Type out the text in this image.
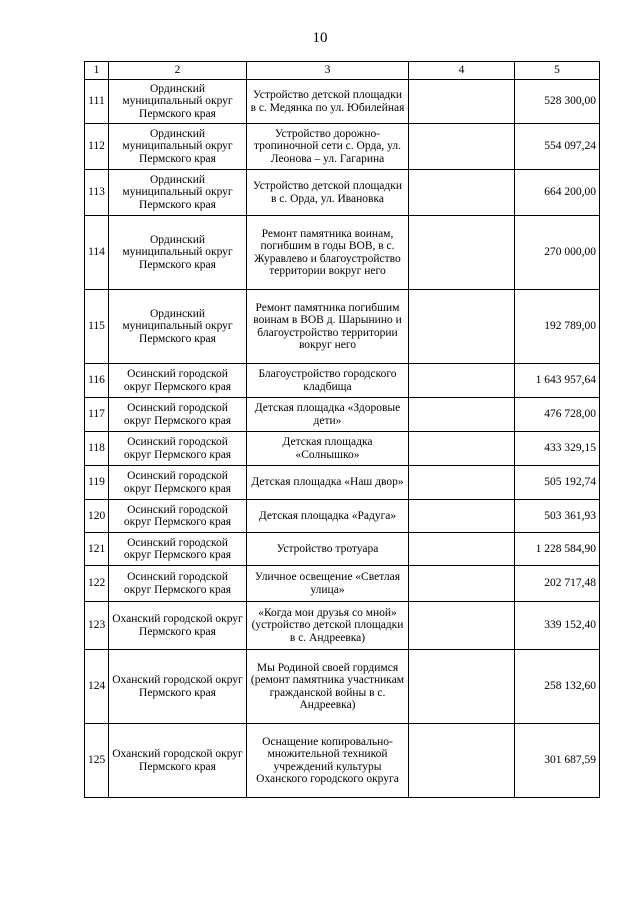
10
1	2	3	4	5
111	Ординский муниципальный округ Пермского края	Устройство детской площадки в с. Медянка по ул. Юбилейная		528 300,00
112	Ординский муниципальный округ Пермского края	Устройство дорожно-тропиночной сети с. Орда, ул. Леонова – ул. Гагарина		554 097,24
113	Ординский муниципальный округ Пермского края	Устройство детской площадки в с. Орда, ул. Ивановка		664 200,00
114	Ординский муниципальный округ Пермского края	Ремонт памятника воинам, погибшим в годы ВОВ, в с. Журавлево и благоустройство территории вокруг него		270 000,00
115	Ординский муниципальный округ Пермского края	Ремонт памятника погибшим воинам в ВОВ д. Шарынино и благоустройство территории вокруг него		192 789,00
116	Осинский городской округ Пермского края	Благоустройство городского кладбища		1 643 957,64
117	Осинский городской округ Пермского края	Детская площадка «Здоровые дети»		476 728,00
118	Осинский городской округ Пермского края	Детская площадка «Солнышко»		433 329,15
119	Осинский городской округ Пермского края	Детская площадка «Наш двор»		505 192,74
120	Осинский городской округ Пермского края	Детская площадка «Радуга»		503 361,93
121	Осинский городской округ Пермского края	Устройство тротуара		1 228 584,90
122	Осинский городской округ Пермского края	Уличное освещение «Светлая улица»		202 717,48
123	Оханский городской округ Пермского края	«Когда мои друзья со мной» (устройство детской площадки в с. Андреевка)		339 152,40
124	Оханский городской округ Пермского края	Мы Родиной своей гордимся (ремонт памятника участникам гражданской войны в с. Андреевка)		258 132,60
125	Оханский городской округ Пермского края	Оснащение копировально-множительной техникой учреждений культуры Оханского городского округа		301 687,59
